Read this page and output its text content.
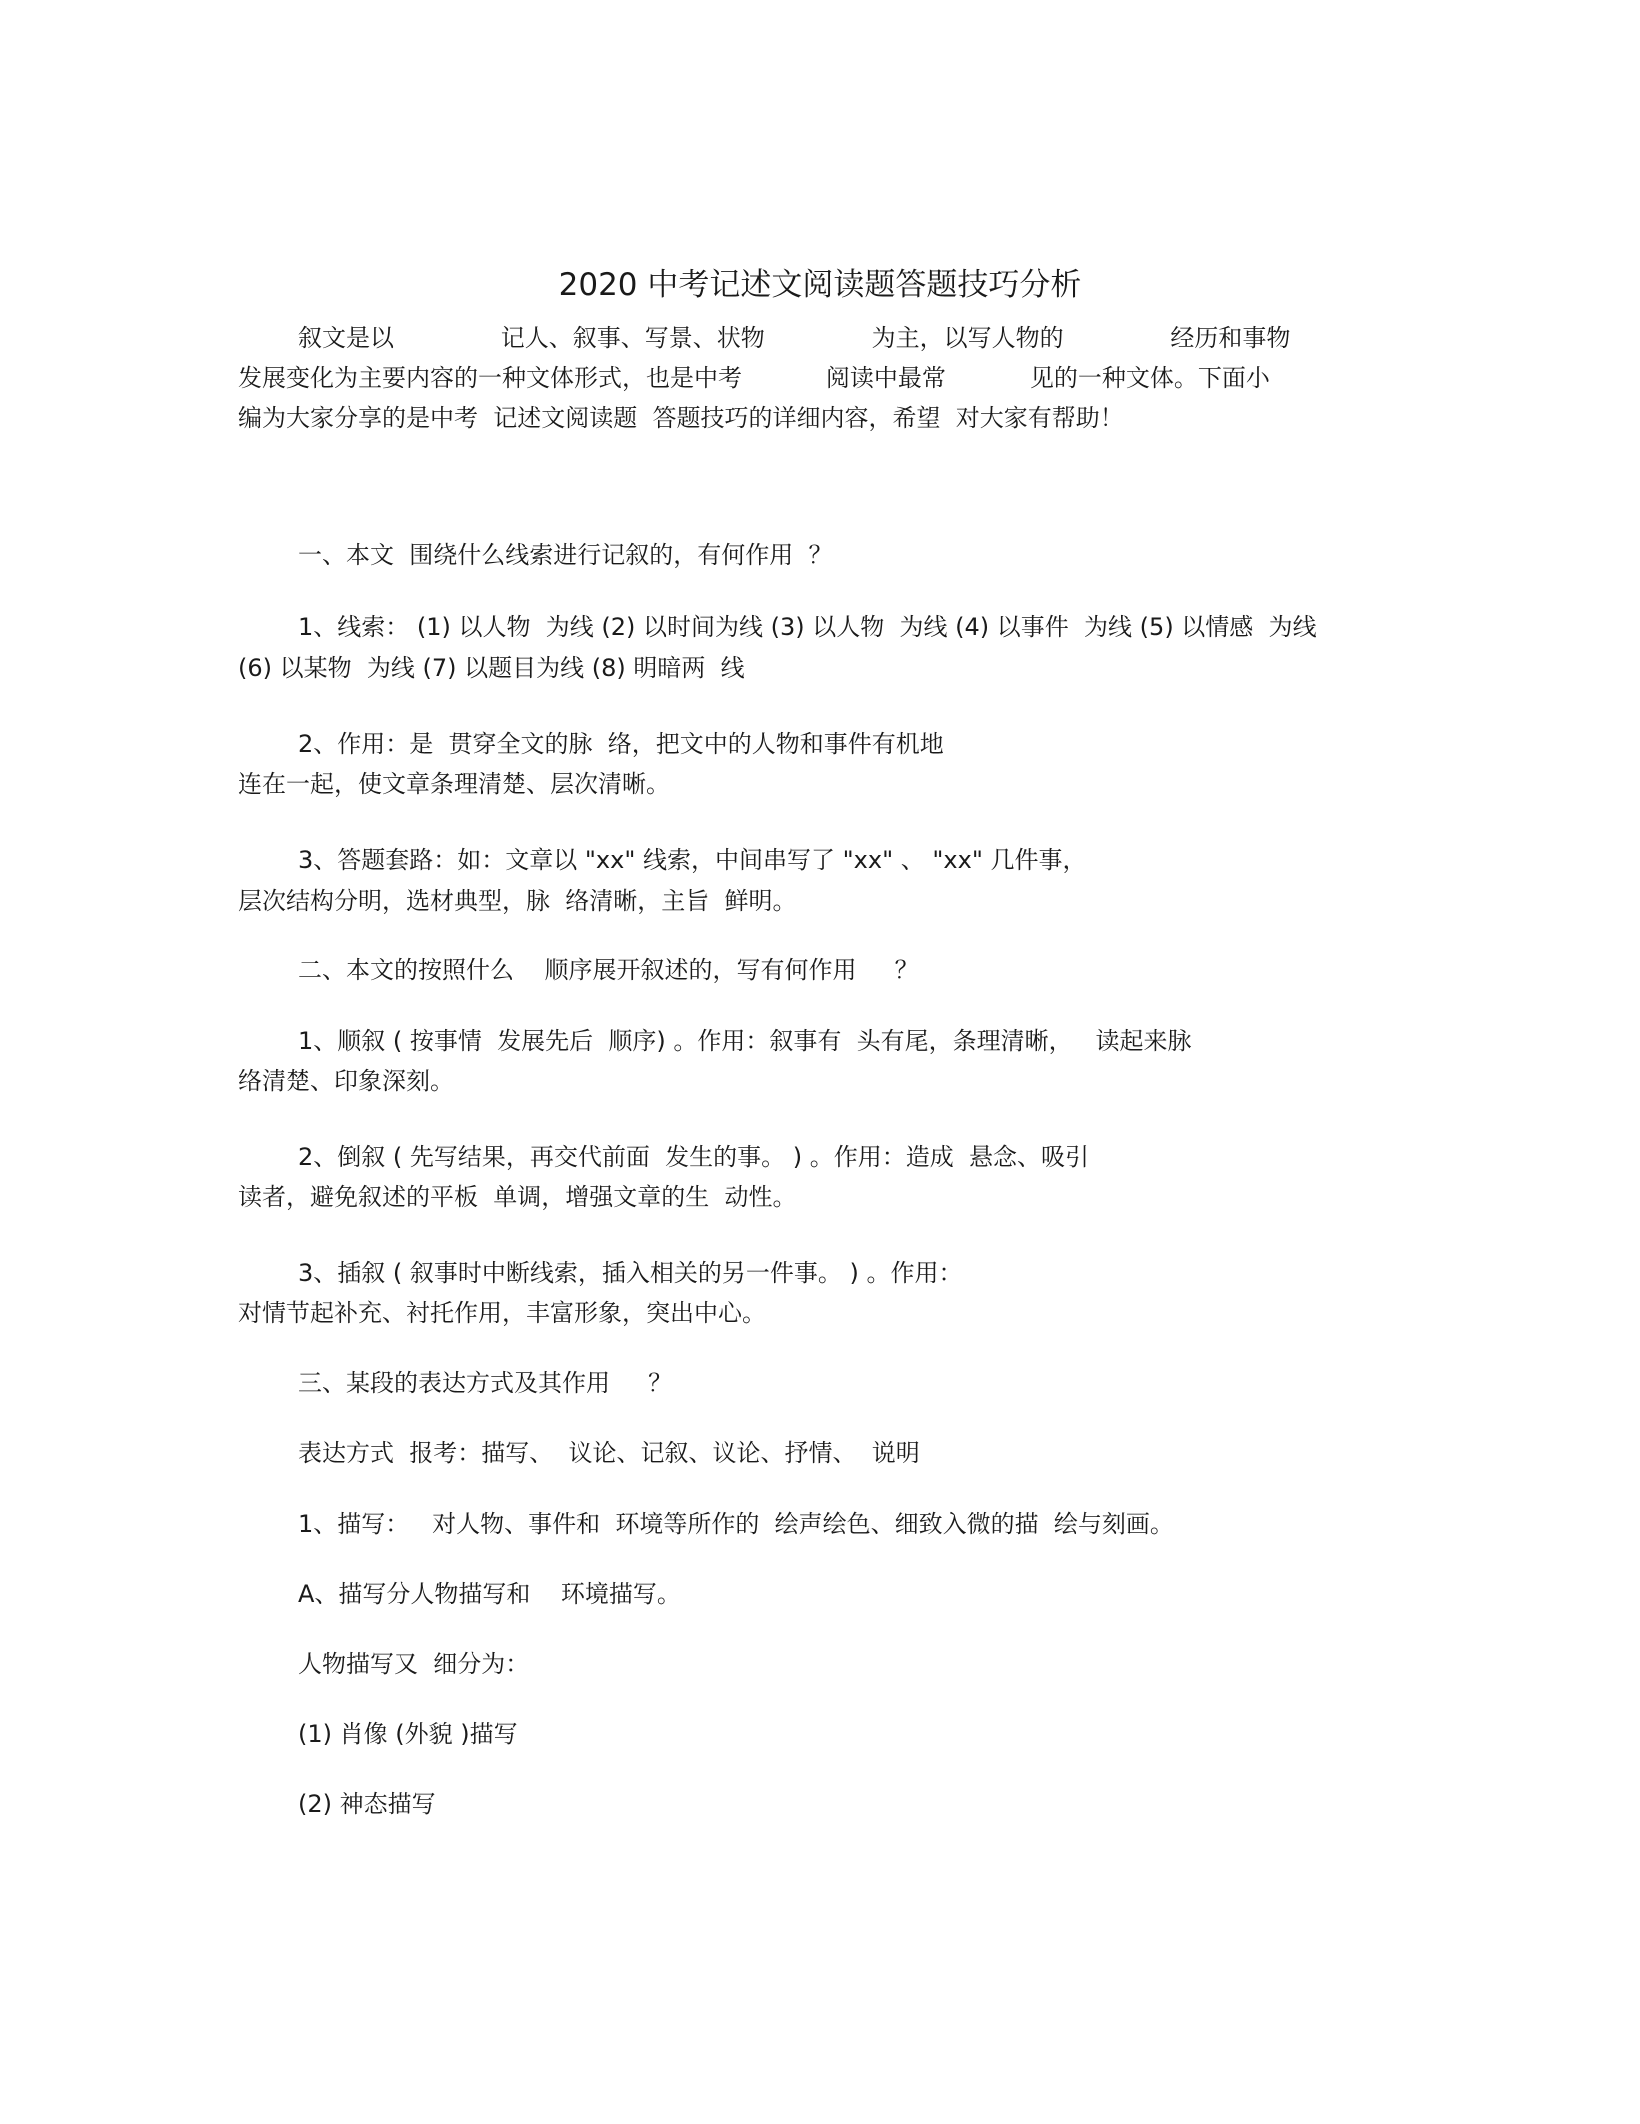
2020 中考记述文阅读题答题技巧分析
叙文是以              记人、叙事、写景、状物              为主，以写人物的              经历和事物
发展变化为主要内容的一种文体形式，也是中考           阅读中最常           见的一种文体。下面小
编为大家分享的是中考  记述文阅读题  答题技巧的详细内容，希望  对大家有帮助！
一、本文  围绕什么线索进行记叙的，有何作用  ？
1、线索： (1) 以人物  为线 (2) 以时间为线 (3) 以人物  为线 (4) 以事件  为线 (5) 以情感  为线
(6) 以某物  为线 (7) 以题目为线 (8) 明暗两  线
2、作用：是  贯穿全文的脉  络，把文中的人物和事件有机地
连在一起，使文章条理清楚、层次清晰。
3、答题套路：如：文章以 "xx" 线索，中间串写了 "xx" 、 "xx" 几件事，
层次结构分明，选材典型，脉  络清晰，主旨  鲜明。
二、本文的按照什么    顺序展开叙述的，写有何作用     ？
1、顺叙 ( 按事情  发展先后  顺序) 。作用：叙事有  头有尾，条理清晰，   读起来脉
络清楚、印象深刻。
2、倒叙 ( 先写结果，再交代前面  发生的事。 ) 。作用：造成  悬念、吸引
读者，避免叙述的平板  单调，增强文章的生  动性。
3、插叙 ( 叙事时中断线索，插入相关的另一件事。 ) 。作用：
对情节起补充、衬托作用，丰富形象，突出中心。
三、某段的表达方式及其作用     ？
表达方式  报考：描写、  议论、记叙、议论、抒情、  说明
1、描写：   对人物、事件和  环境等所作的  绘声绘色、细致入微的描  绘与刻画。
A、描写分人物描写和    环境描写。
人物描写又  细分为：
(1) 肖像 (外貌 )描写
(2) 神态描写
